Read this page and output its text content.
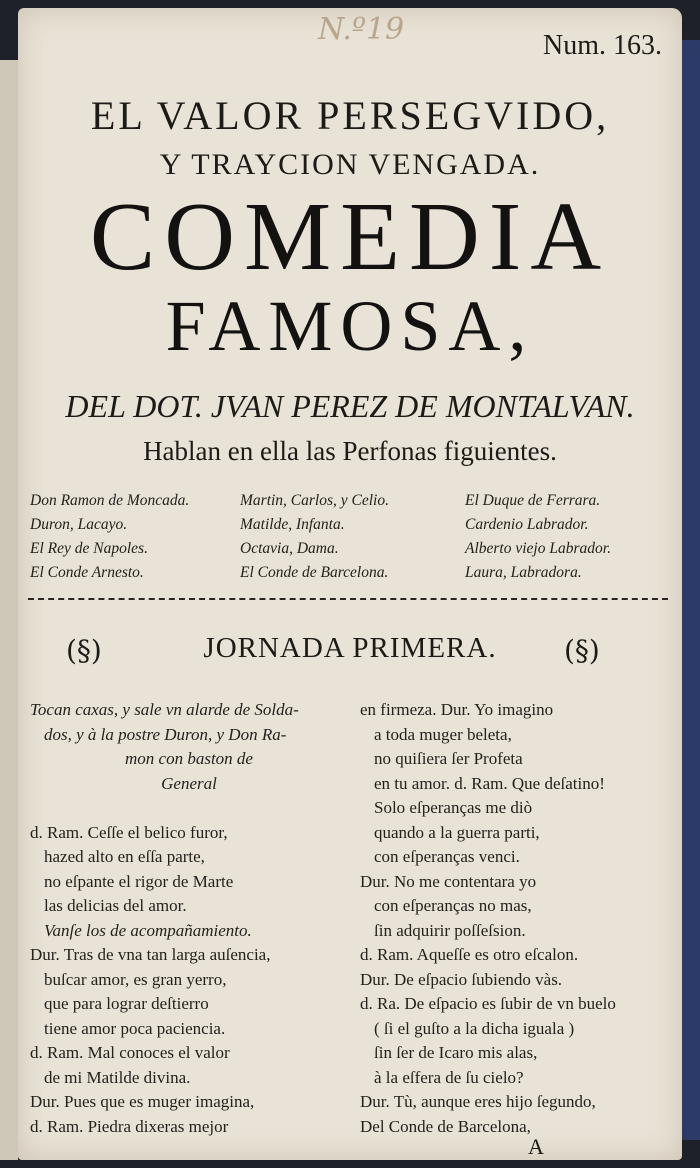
N.º19	Num. 163.
EL VALOR PERSEGVIDO,
Y TRAYCION VENGADA.
COMEDIA
FAMOSA,
DEL DOT. JVAN PEREZ DE MONTALVAN.
Hablan en ella las Perfonas figuientes.
Don Ramon de Moncada.	Martin, Carlos, y Celio.	El Duque de Ferrara.
Duron, Lacayo.	Matilde, Infanta.	Cardenio Labrador.
El Rey de Napoles.	Octavia, Dama.	Alberto viejo Labrador.
El Conde Arnesto.	El Conde de Barcelona.	Laura, Labradora.
(§)	JORNADA PRIMERA.	(§)
Tocan caxas, y sale vn alarde de Solda-
dos, y à la postre Duron, y Don Ra-
mon con baston de
General
d. Ram. Ceſſe el belico furor,
hazed alto en eſſa parte,
no eſpante el rigor de Marte
las delicias del amor.
Vanſe los de acompañamiento.
Dur. Tras de vna tan larga auſencia,
buſcar amor, es gran yerro,
que para lograr deſtierro
tiene amor poca paciencia.
d. Ram. Mal conoces el valor
de mi Matilde divina.
Dur. Pues que es muger imagina,
d. Ram. Piedra dixeras mejor
en firmeza. Dur. Yo imagino
a toda muger beleta,
no quiſiera ſer Profeta
en tu amor. d. Ram. Que deſatino!
Solo eſperanças me diò
quando a la guerra parti,
con eſperanças venci.
Dur. No me contentara yo
con eſperanças no mas,
ſin adquirir poſſeſsion.
d. Ram. Aqueſſe es otro eſcalon.
Dur. De eſpacio ſubiendo vàs.
d. Ra. De eſpacio es ſubir de vn buelo
( ſi el guſto a la dicha iguala )
ſin ſer de Icaro mis alas,
à la eſfera de ſu cielo?
Dur. Tù, aunque eres hijo ſegundo,
Del Conde de Barcelona,
A
